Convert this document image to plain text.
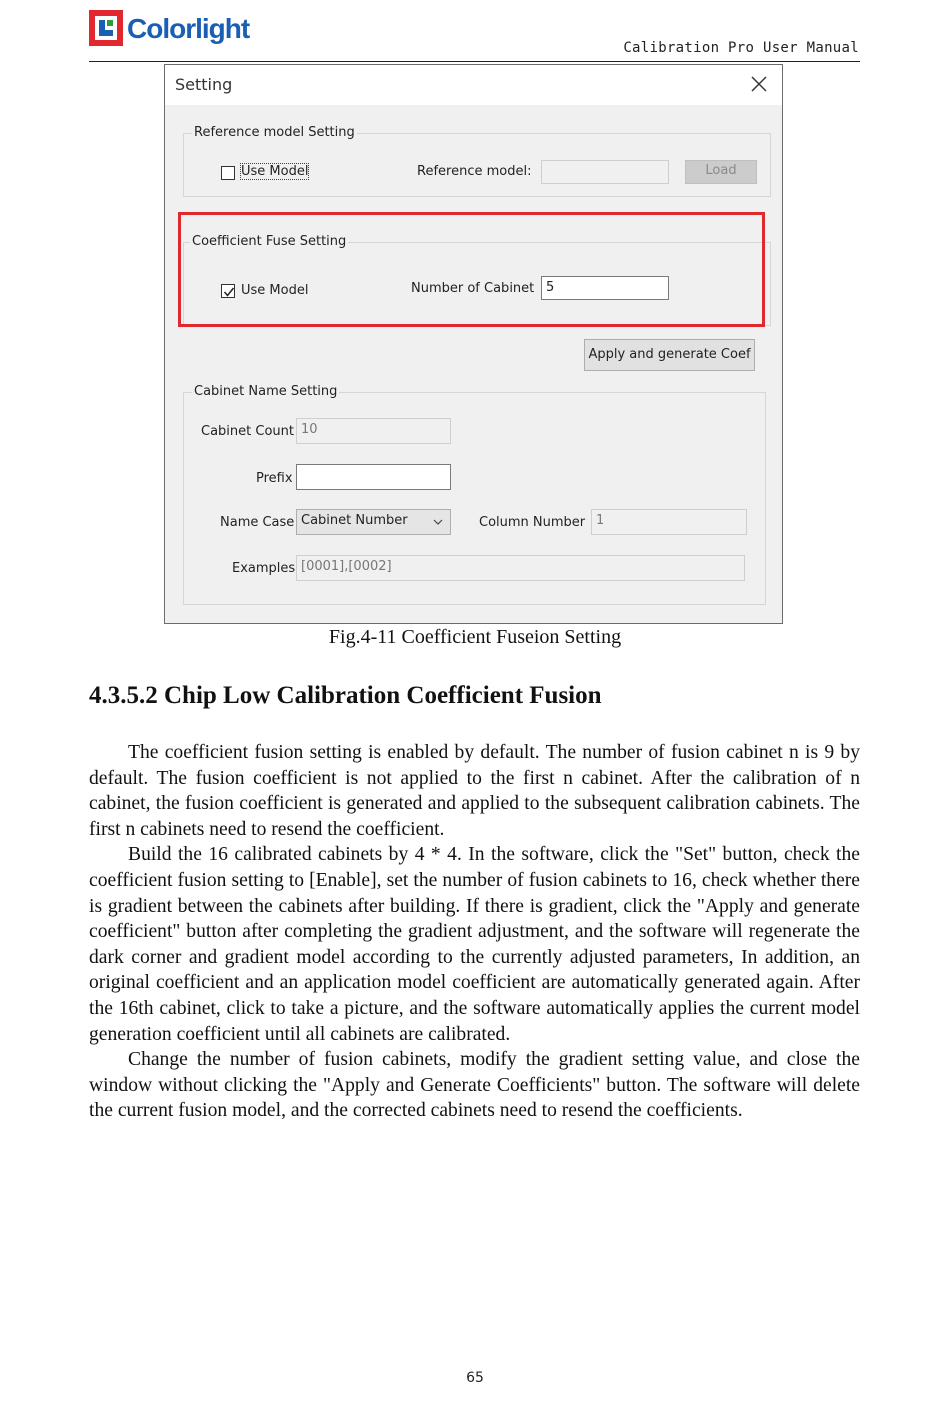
Colorlight
Calibration Pro User Manual
Setting
Reference model Setting
Use Model	Reference model:	Load
Coefficient Fuse Setting
Use Model	Number of Cabinet 5
Apply and generate Coef
Cabinet Name Setting
Cabinet Count 10
Prefix
Name Case Cabinet Number	Column Number 1
Examples [0001],[0002]
Fig.4-11 Coefficient Fuseion Setting
4.3.5.2 Chip Low Calibration Coefficient Fusion

The coefficient fusion setting is enabled by default. The number of fusion cabinet n is 9 by default. The fusion coefficient is not applied to the first n cabinet. After the calibration of n cabinet, the fusion coefficient is generated and applied to the subsequent calibration cabinets. The first n cabinets need to resend the coefficient.

Build the 16 calibrated cabinets by 4 * 4. In the software, click the "Set" button, check the coefficient fusion setting to [Enable], set the number of fusion cabinets to 16, check whether there is gradient between the cabinets after building. If there is gradient, click the "Apply and generate coefficient" button after completing the gradient adjustment, and the software will regenerate the dark corner and gradient model according to the currently adjusted parameters, In addition, an original coefficient and an application model coefficient are automatically generated again. After the 16th cabinet, click to take a picture, and the software automatically applies the current model generation coefficient until all cabinets are calibrated.

Change the number of fusion cabinets, modify the gradient setting value, and close the window without clicking the "Apply and Generate Coefficients" button. The software will delete the current fusion model, and the corrected cabinets need to resend the coefficients.

65
